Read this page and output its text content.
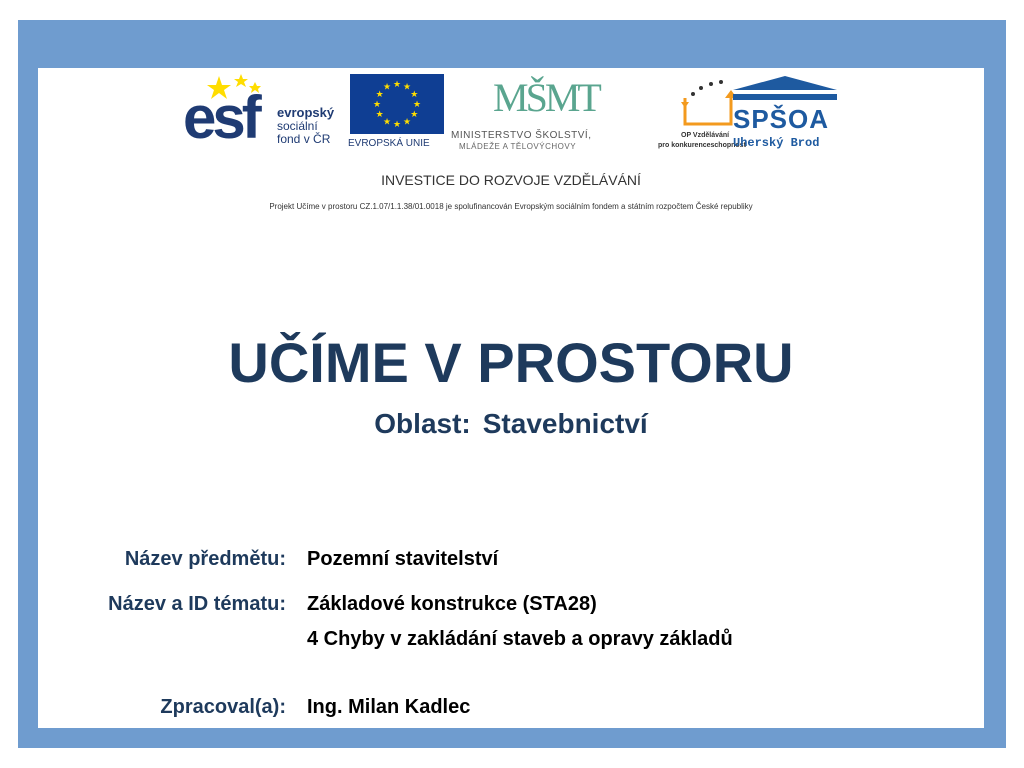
esf evropský
sociální
fond v ČR
★
★
★
★
★
★
★
★
★ ★ ★
★
EVROPSKÁ UNIE
MŠMT
MINISTERSTVO ŠKOLSTVÍ,
MLÁDEŽE A TĚLOVÝCHOVY
OP Vzdělávání
pro konkurenceschopnost
SPŠOA
Uherský Brod
INVESTICE DO ROZVOJE VZDĚLÁVÁNÍ
Projekt Učíme v prostoru CZ.1.07/1.1.38/01.0018 je spolufinancován Evropským sociálním fondem a státním rozpočtem České republiky
UČÍME V PROSTORU
Oblast: Stavebnictví
Název předmětu: Pozemní stavitelství
Název a ID tématu: Základové konstrukce (STA28)
4 Chyby v zakládání staveb a opravy základů
Zpracoval(a): Ing. Milan Kadlec
